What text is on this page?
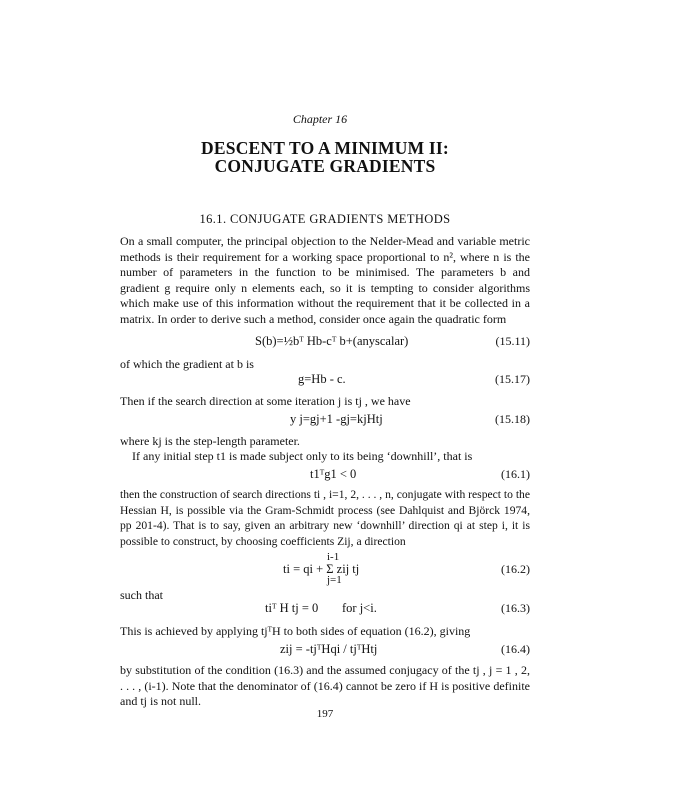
Chapter 16
DESCENT TO A MINIMUM II:
CONJUGATE GRADIENTS
16.1. CONJUGATE GRADIENTS METHODS
On a small computer, the principal objection to the Nelder-Mead and variable metric methods is their requirement for a working space proportional to n², where n is the number of parameters in the function to be minimised. The parameters b and gradient g require only n elements each, so it is tempting to consider algorithms which make use of this information without the requirement that it be collected in a matrix. In order to derive such a method, consider once again the quadratic form
S(b)=½bᵀ Hb-cᵀ b+(anyscalar)	(15.11)
of which the gradient at b is
g=Hb - c.	(15.17)
Then if the search direction at some iteration j is tj , we have
y j=gj+1 -gj=kjHtj	(15.18)
where kj is the step-length parameter.
If any initial step t1 is made subject only to its being ‘downhill’, that is
t1ᵀg1 < 0	(16.1)
then the construction of search directions ti , i=1, 2, . . . , n, conjugate with respect to the Hessian H, is possible via the Gram-Schmidt process (see Dahlquist and Björck 1974, pp 201-4). That is to say, given an arbitrary new ‘downhill’ direction qi at step i, it is possible to construct, by choosing coefficients Zij, a direction
ti = qi + Σ zij tj
i-1
j=1
(16.2)
such that
tiᵀ H tj = 0 for j<i.	(16.3)
This is achieved by applying tjᵀH to both sides of equation (16.2), giving
zij = -tjᵀHqi / tjᵀHtj	(16.4)
by substitution of the condition (16.3) and the assumed conjugacy of the tj , j = 1 , 2, . . . , (i-1). Note that the denominator of (16.4) cannot be zero if H is positive definite and tj is not null.
197
